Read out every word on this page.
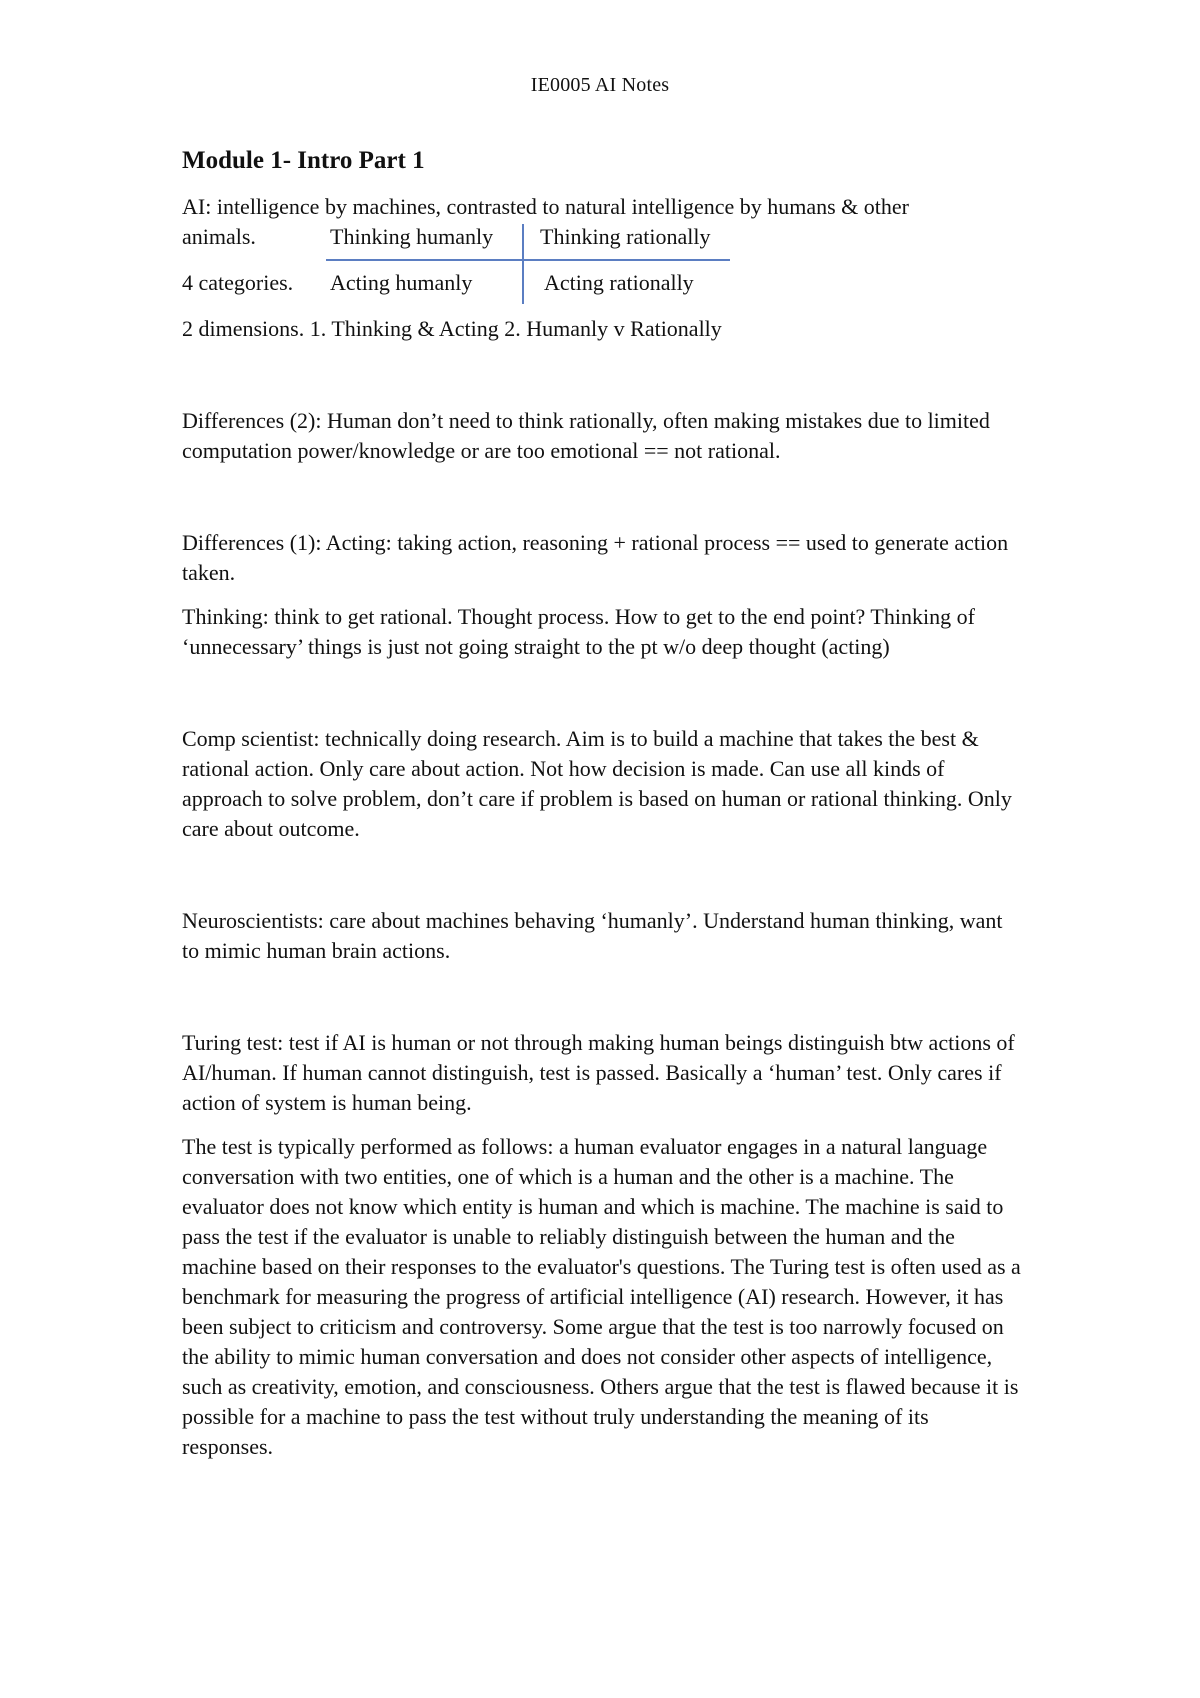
IE0005 AI Notes
Module 1- Intro Part 1
AI: intelligence by machines, contrasted to natural intelligence by humans & other
animals.
4 categories.
Thinking humanly Thinking rationally
Acting humanly	Acting rationally

2 dimensions. 1. Thinking & Acting 2. Humanly v Rationally

Differences (2): Human don’t need to think rationally, often making mistakes due to limited computation power/knowledge or are too emotional == not rational.

Differences (1): Acting: taking action, reasoning + rational process == used to generate action taken.

Thinking: think to get rational. Thought process. How to get to the end point? Thinking of ‘unnecessary’ things is just not going straight to the pt w/o deep thought (acting)

Comp scientist: technically doing research. Aim is to build a machine that takes the best & rational action. Only care about action. Not how decision is made. Can use all kinds of approach to solve problem, don’t care if problem is based on human or rational thinking. Only care about outcome.

Neuroscientists: care about machines behaving ‘humanly’. Understand human thinking, want to mimic human brain actions.

Turing test: test if AI is human or not through making human beings distinguish btw actions of AI/human. If human cannot distinguish, test is passed. Basically a ‘human’ test. Only cares if action of system is human being.

The test is typically performed as follows: a human evaluator engages in a natural language conversation with two entities, one of which is a human and the other is a machine. The evaluator does not know which entity is human and which is machine. The machine is said to pass the test if the evaluator is unable to reliably distinguish between the human and the machine based on their responses to the evaluator's questions. The Turing test is often used as a benchmark for measuring the progress of artificial intelligence (AI) research. However, it has been subject to criticism and controversy. Some argue that the test is too narrowly focused on the ability to mimic human conversation and does not consider other aspects of intelligence, such as creativity, emotion, and consciousness. Others argue that the test is flawed because it is possible for a machine to pass the test without truly understanding the meaning of its responses.
